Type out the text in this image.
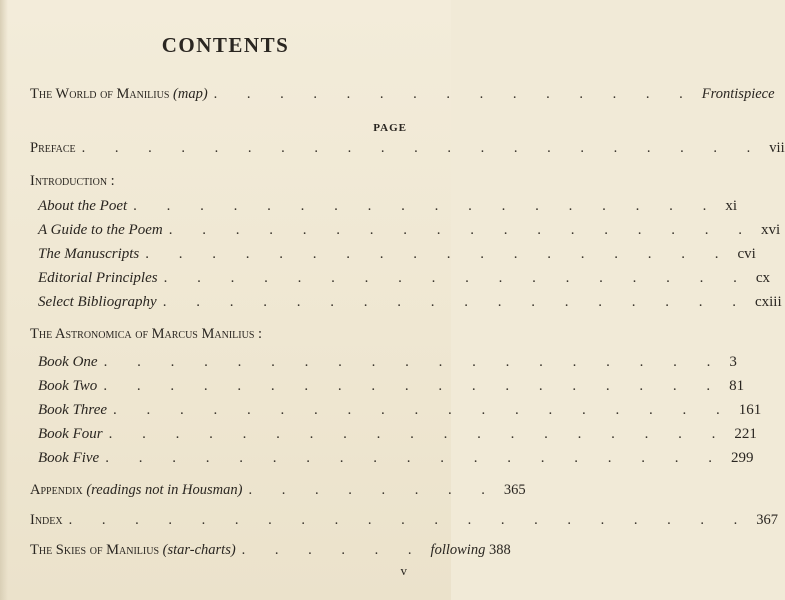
CONTENTS
The World of Manilius (map) . . . . . . . . . . . . . . . Frontispiece
PAGE
Preface . . . . . . . . . . . . . . . . . . . . . vii
Introduction :
About the Poet . . . . . . . . . . . . . . . . . . xi
A Guide to the Poem . . . . . . . . . . . . . . . . . . xvi
The Manuscripts . . . . . . . . . . . . . . . . . . cvi
Editorial Principles . . . . . . . . . . . . . . . . . . cx
Select Bibliography . . . . . . . . . . . . . . . . . . cxiii
The Astronomica of Marcus Manilius :
Book One . . . . . . . . . . . . . . . . . . . 3
Book Two . . . . . . . . . . . . . . . . . . . 81
Book Three . . . . . . . . . . . . . . . . . . . 161
Book Four . . . . . . . . . . . . . . . . . . . 221
Book Five . . . . . . . . . . . . . . . . . . . 299
Appendix (readings not in Housman) . . . . . . . . 365
Index . . . . . . . . . . . . . . . . . . . . . 367
The Skies of Manilius (star-charts) . . . . . . following 388
v
